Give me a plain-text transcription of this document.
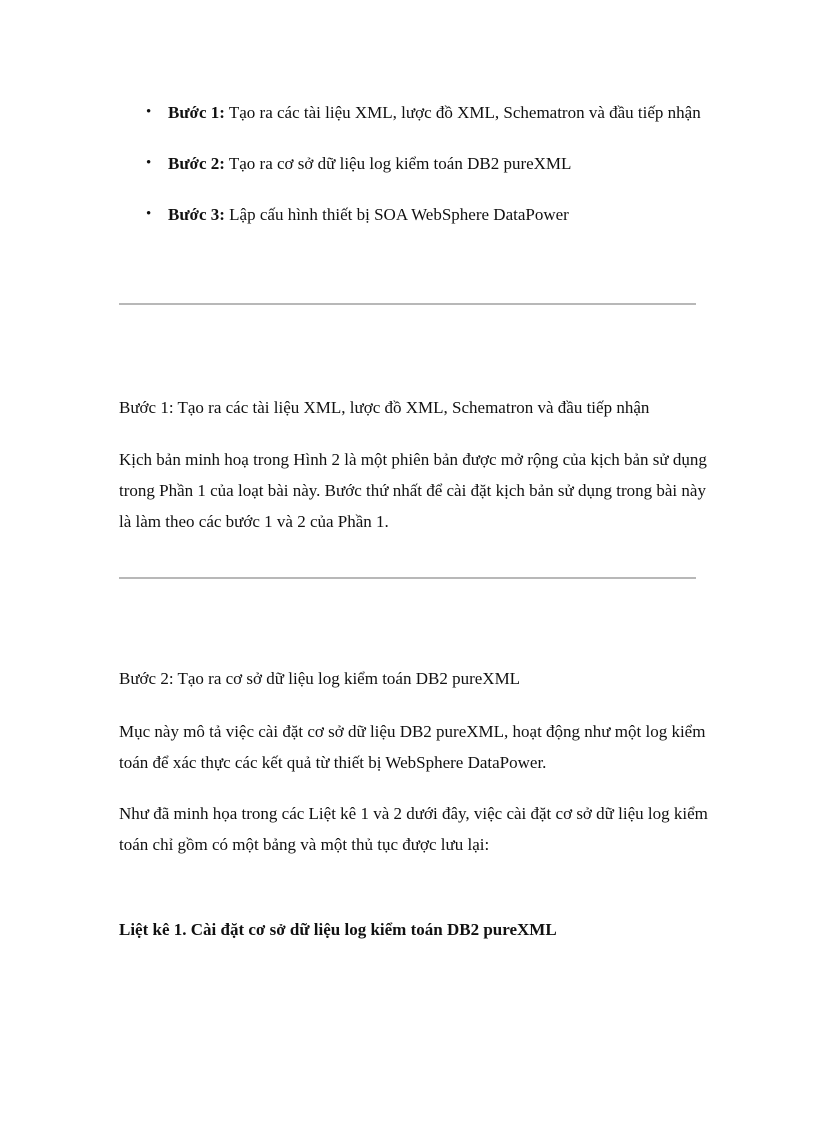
• Bước 1: Tạo ra các tài liệu XML, lược đồ XML, Schematron và đầu tiếp nhận
• Bước 2: Tạo ra cơ sở dữ liệu log kiểm toán DB2 pureXML
• Bước 3: Lập cấu hình thiết bị SOA WebSphere DataPower

Bước 1: Tạo ra các tài liệu XML, lược đồ XML, Schematron và đầu tiếp nhận

Kịch bản minh hoạ trong Hình 2 là một phiên bản được mở rộng của kịch bản sử dụng trong Phần 1 của loạt bài này. Bước thứ nhất để cài đặt kịch bản sử dụng trong bài này là làm theo các bước 1 và 2 của Phần 1.

Bước 2: Tạo ra cơ sở dữ liệu log kiểm toán DB2 pureXML

Mục này mô tả việc cài đặt cơ sở dữ liệu DB2 pureXML, hoạt động như một log kiểm toán để xác thực các kết quả từ thiết bị WebSphere DataPower.

Như đã minh họa trong các Liệt kê 1 và 2 dưới đây, việc cài đặt cơ sở dữ liệu log kiểm toán chỉ gồm có một bảng và một thủ tục được lưu lại:

Liệt kê 1. Cài đặt cơ sở dữ liệu log kiểm toán DB2 pureXML
